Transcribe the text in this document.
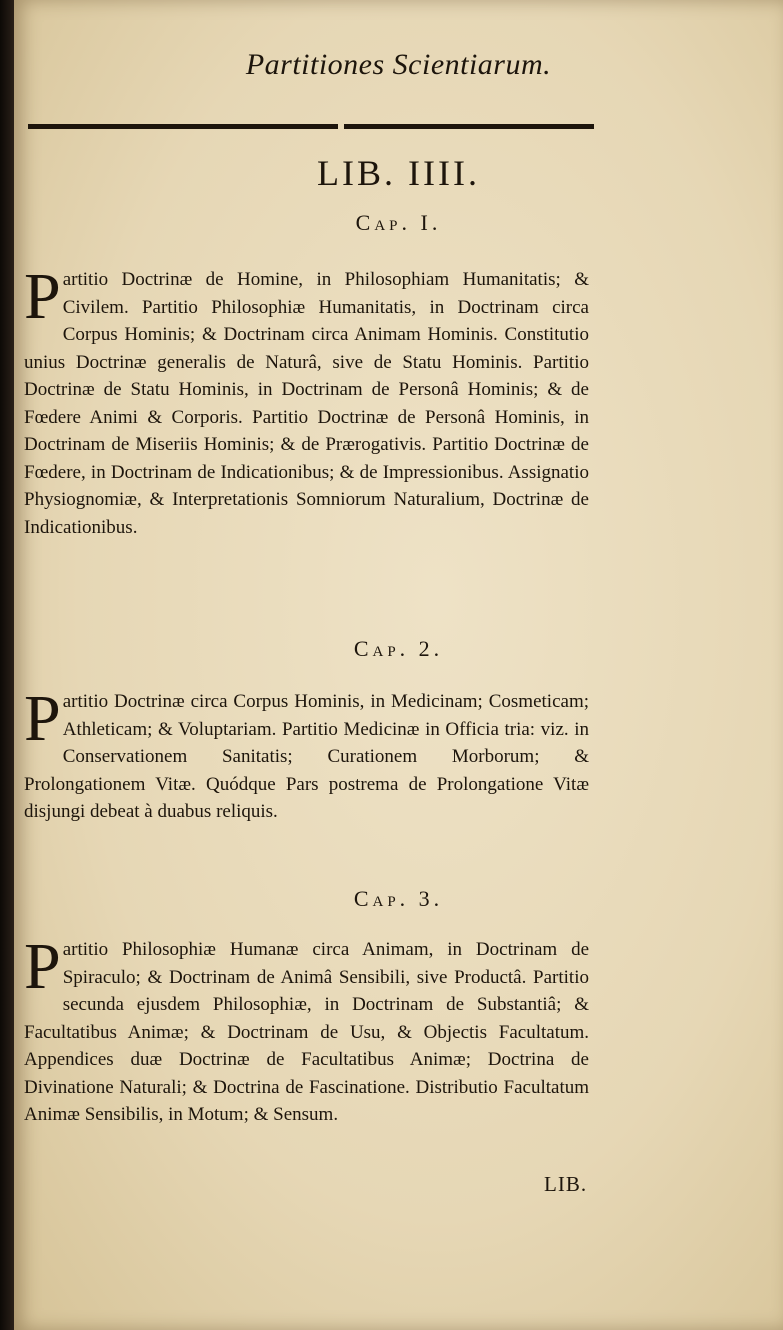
Partitiones Scientiarum.
LIB. IIII.
Cap. I.
Partitio Doctrinæ de Homine, in Philosophiam Humanitatis; & Civilem. Partitio Philosophiæ Humanitatis, in Doctrinam circa Corpus Hominis; & Doctrinam circa Animam Hominis. Constitutio unius Doctrinæ generalis de Naturâ, sive de Statu Hominis. Partitio Doctrinæ de Statu Hominis, in Doctrinam de Personâ Hominis; & de Fœdere Animi & Corporis. Partitio Doctrinæ de Personâ Hominis, in Doctrinam de Miseriis Hominis; & de Prærogativis. Partitio Doctrinæ de Fœdere, in Doctrinam de Indicationibus; & de Impressionibus. Assignatio Physiognomiæ, & Interpretationis Somniorum Naturalium, Doctrinæ de Indicationibus.
Cap. 2.
Partitio Doctrinæ circa Corpus Hominis, in Medicinam; Cosmeticam; Athleticam; & Voluptariam. Partitio Medicinæ in Officia tria: viz. in Conservationem Sanitatis; Curationem Morborum; & Prolongationem Vitæ. Quódque Pars postrema de Prolongatione Vitæ disjungi debeat à duabus reliquis.
Cap. 3.
Partitio Philosophiæ Humanæ circa Animam, in Doctrinam de Spiraculo; & Doctrinam de Animâ Sensibili, sive Productâ. Partitio secunda ejusdem Philosophiæ, in Doctrinam de Substantiâ; & Facultatibus Animæ; & Doctrinam de Usu, & Objectis Facultatum. Appendices duæ Doctrinæ de Facultatibus Animæ; Doctrina de Divinatione Naturali; & Doctrina de Fascinatione. Distributio Facultatum Animæ Sensibilis, in Motum; & Sensum.
LIB.
